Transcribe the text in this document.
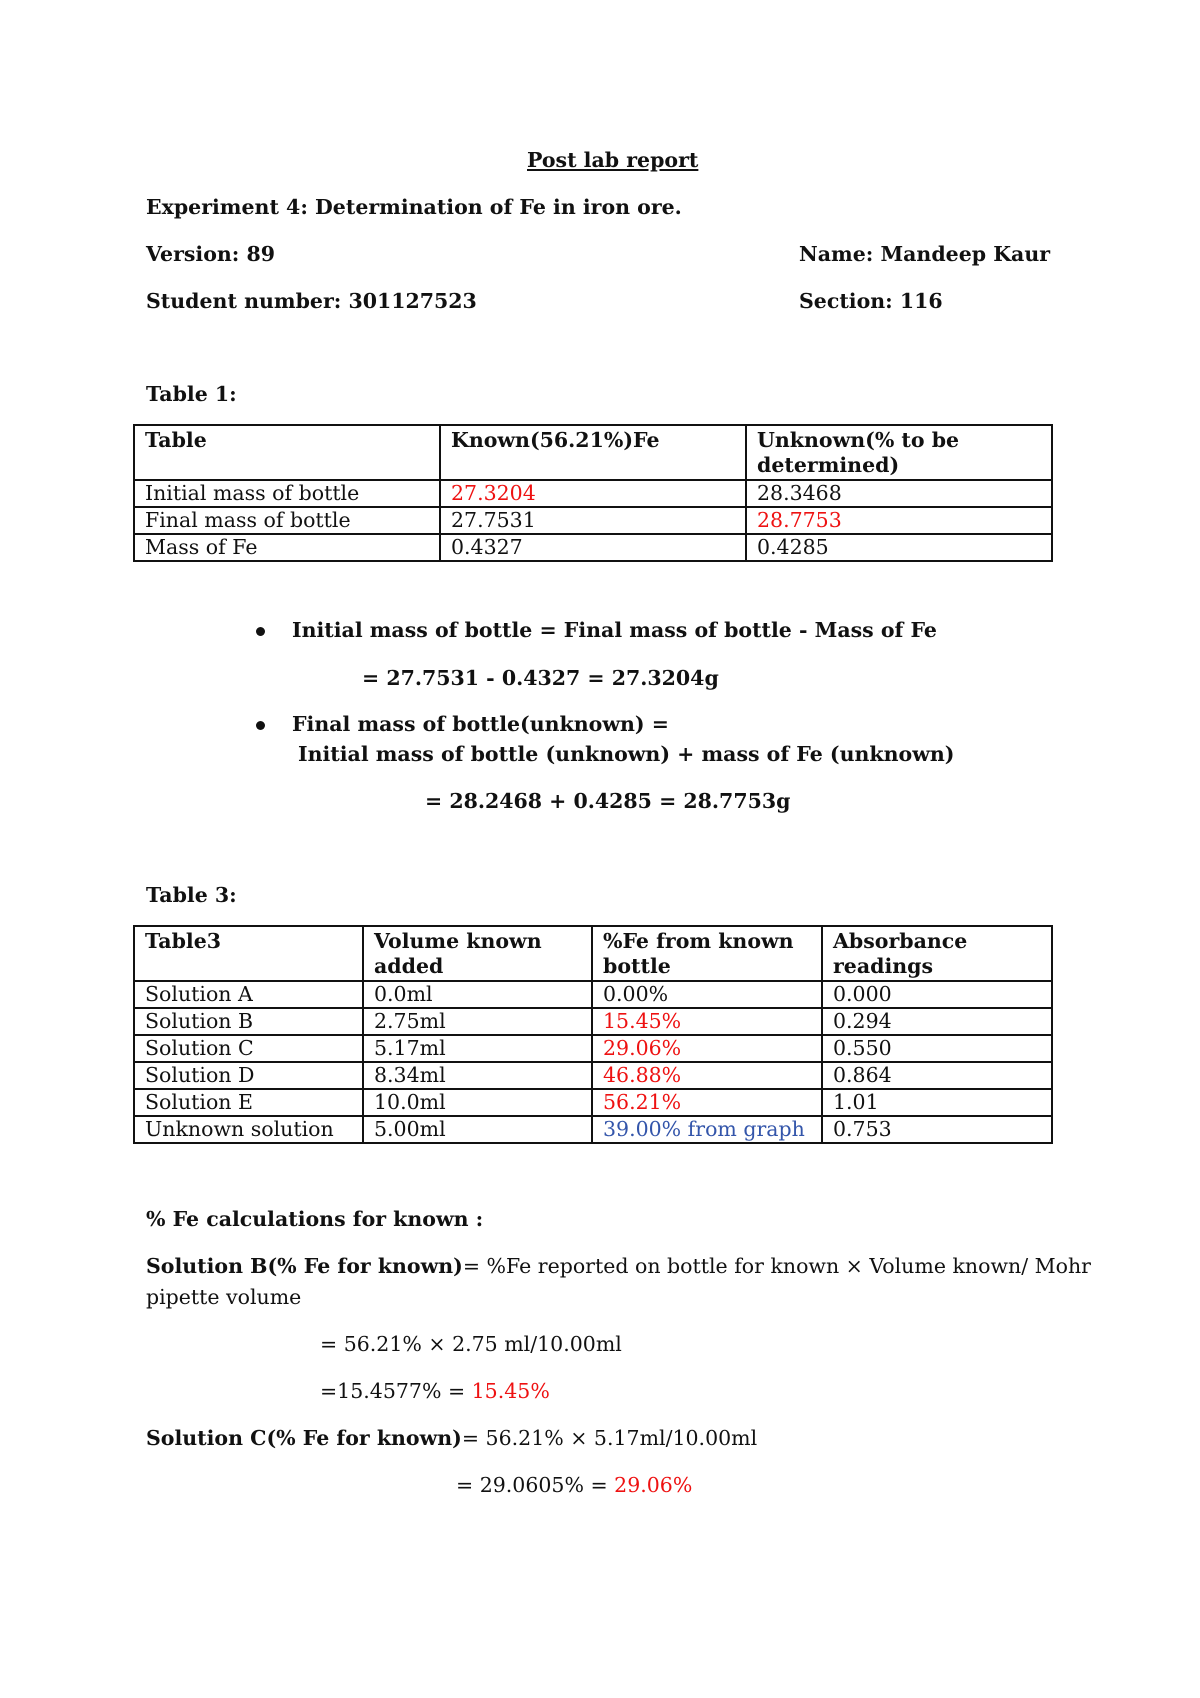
Post lab report
Experiment 4: Determination of Fe in iron ore.
Version: 89	Name: Mandeep Kaur
Student number: 301127523	Section: 116
Table 1:
Table	Known(56.21%)Fe	Unknown(% to be determined)
Initial mass of bottle	27.3204	28.3468
Final mass of bottle	27.7531	28.7753
Mass of Fe	0.4327	0.4285
Initial mass of bottle = Final mass of bottle - Mass of Fe
= 27.7531 - 0.4327 = 27.3204g
Final mass of bottle(unknown) =
Initial mass of bottle (unknown) + mass of Fe (unknown)
= 28.2468 + 0.4285 = 28.7753g
Table 3:
Table3	Volume known added	%Fe from known bottle	Absorbance readings
Solution A	0.0ml	0.00%	0.000
Solution B	2.75ml	15.45%	0.294
Solution C	5.17ml	29.06%	0.550
Solution D	8.34ml	46.88%	0.864
Solution E	10.0ml	56.21%	1.01
Unknown solution	5.00ml	39.00% from graph	0.753
% Fe calculations for known :
Solution B(% Fe for known)= %Fe reported on bottle for known × Volume known/ Mohr
pipette volume
= 56.21% × 2.75 ml/10.00ml
=15.4577% = 15.45%
Solution C(% Fe for known)= 56.21% × 5.17ml/10.00ml
= 29.0605% = 29.06%
